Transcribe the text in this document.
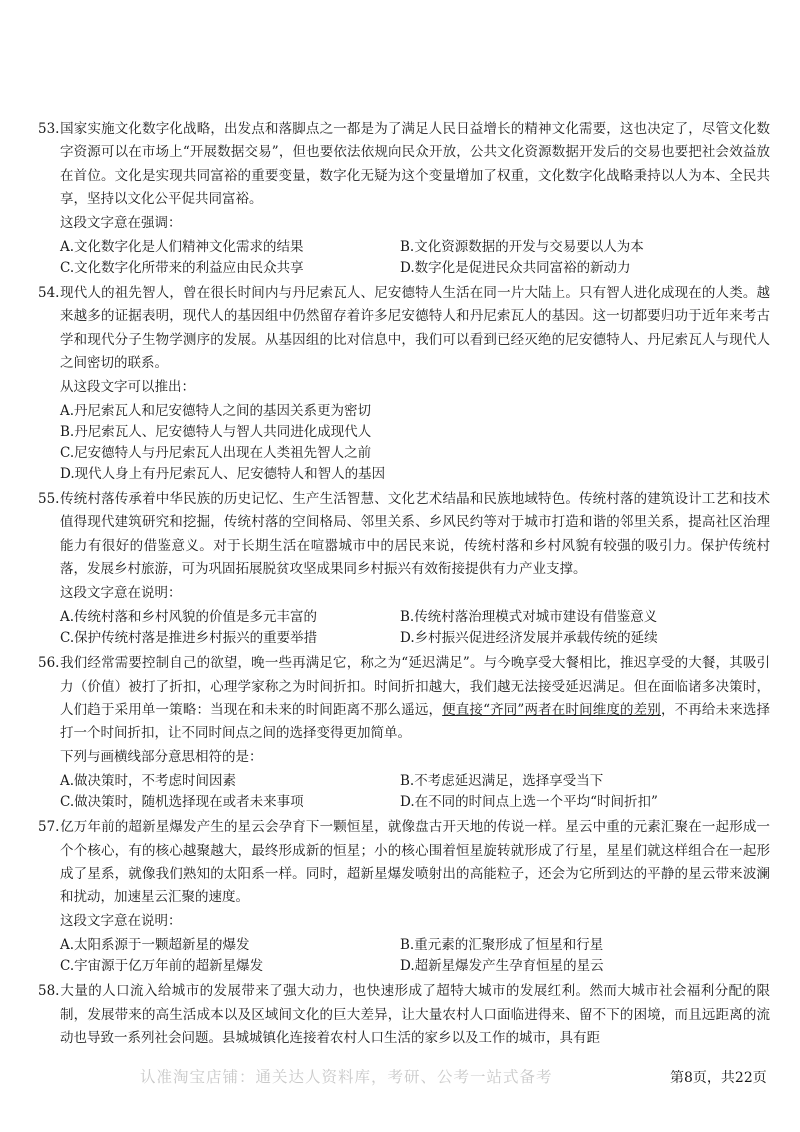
53.国家实施文化数字化战略，出发点和落脚点之一都是为了满足人民日益增长的精神文化需要，这也决定了，尽管文化数字资源可以在市场上“开展数据交易”，但也要依法依规向民众开放，公共文化资源数据开发后的交易也要把社会效益放在首位。文化是实现共同富裕的重要变量，数字化无疑为这个变量增加了权重，文化数字化战略秉持以人为本、全民共享，坚持以文化公平促共同富裕。

这段文字意在强调：

A.文化数字化是人们精神文化需求的结果	B.文化资源数据的开发与交易要以人为本
C.文化数字化所带来的利益应由民众共享	D.数字化是促进民众共同富裕的新动力

54.现代人的祖先智人，曾在很长时间内与丹尼索瓦人、尼安德特人生活在同一片大陆上。只有智人进化成现在的人类。越来越多的证据表明，现代人的基因组中仍然留存着许多尼安德特人和丹尼索瓦人的基因。这一切都要归功于近年来考古学和现代分子生物学测序的发展。从基因组的比对信息中，我们可以看到已经灭绝的尼安德特人、丹尼索瓦人与现代人之间密切的联系。

从这段文字可以推出：

A.丹尼索瓦人和尼安德特人之间的基因关系更为密切
B.丹尼索瓦人、尼安德特人与智人共同进化成现代人
C.尼安德特人与丹尼索瓦人出现在人类祖先智人之前
D.现代人身上有丹尼索瓦人、尼安德特人和智人的基因

55.传统村落传承着中华民族的历史记忆、生产生活智慧、文化艺术结晶和民族地域特色。传统村落的建筑设计工艺和技术值得现代建筑研究和挖掘，传统村落的空间格局、邻里关系、乡风民约等对于城市打造和谐的邻里关系，提高社区治理能力有很好的借鉴意义。对于长期生活在喧嚣城市中的居民来说，传统村落和乡村风貌有较强的吸引力。保护传统村落，发展乡村旅游，可为巩固拓展脱贫攻坚成果同乡村振兴有效衔接提供有力产业支撑。

这段文字意在说明：

A.传统村落和乡村风貌的价值是多元丰富的	B.传统村落治理模式对城市建设有借鉴意义
C.保护传统村落是推进乡村振兴的重要举措	D.乡村振兴促进经济发展并承载传统的延续

56.我们经常需要控制自己的欲望，晚一些再满足它，称之为“延迟满足”。与今晚享受大餐相比，推迟享受的大餐，其吸引力（价值）被打了折扣，心理学家称之为时间折扣。时间折扣越大，我们越无法接受延迟满足。但在面临诸多决策时，人们趋于采用单一策略：当现在和未来的时间距离不那么遥远，便直接“齐同”两者在时间维度的差别，不再给未来选择打一个时间折扣，让不同时间点之间的选择变得更加简单。

下列与画横线部分意思相符的是：

A.做决策时，不考虑时间因素	B.不考虑延迟满足，选择享受当下
C.做决策时，随机选择现在或者未来事项	D.在不同的时间点上选一个平均“时间折扣”

57.亿万年前的超新星爆发产生的星云会孕育下一颗恒星，就像盘古开天地的传说一样。星云中重的元素汇聚在一起形成一个个核心，有的核心越聚越大，最终形成新的恒星；小的核心围着恒星旋转就形成了行星，星星们就这样组合在一起形成了星系，就像我们熟知的太阳系一样。同时，超新星爆发喷射出的高能粒子，还会为它所到达的平静的星云带来波澜和扰动，加速星云汇聚的速度。

这段文字意在说明：

A.太阳系源于一颗超新星的爆发	B.重元素的汇聚形成了恒星和行星
C.宇宙源于亿万年前的超新星爆发	D.超新星爆发产生孕育恒星的星云

58.大量的人口流入给城市的发展带来了强大动力，也快速形成了超特大城市的发展红利。然而大城市社会福利分配的限制，发展带来的高生活成本以及区域间文化的巨大差异，让大量农村人口面临进得来、留不下的困境，而且远距离的流动也导致一系列社会问题。县城城镇化连接着农村人口生活的家乡以及工作的城市，具有距

认准淘宝店铺：通关达人资料库，考研、公考一站式备考	第8页，共22页
